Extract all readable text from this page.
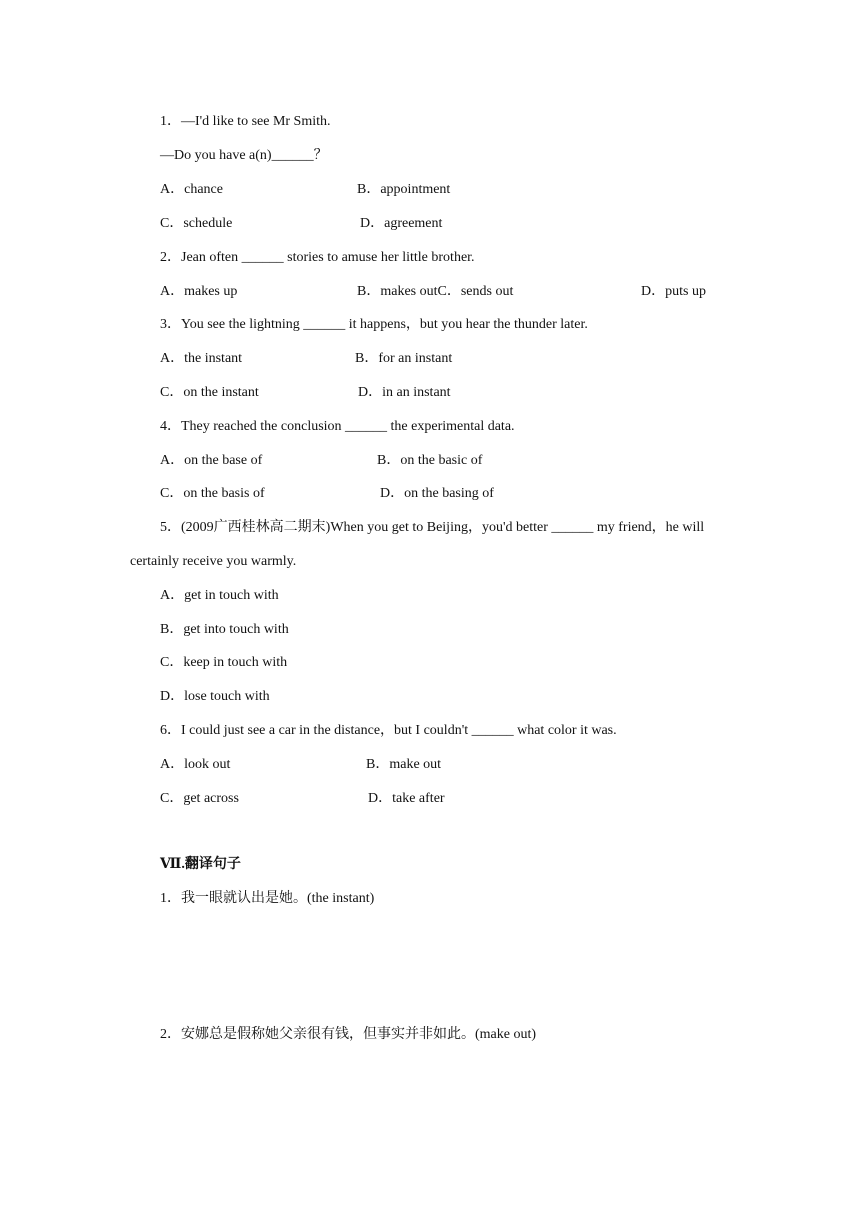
1．—I'd like to see Mr Smith.
—Do you have a(n)______？
A．chance	B．appointment
C．schedule	D．agreement
2．Jean often ______ stories to amuse her little brother.
A．makes up	B．makes outC．sends out	D．puts up
3．You see the lightning ______ it happens，but you hear the thunder later.
A．the instant	B．for an instant
C．on the instant	D．in an instant
4．They reached the conclusion ______ the experimental data.
A．on the base of	B．on the basic of
C．on the basis of	D．on the basing of
5．(2009广西桂林高二期末)When you get to Beijing，you'd better ______ my friend，he will
certainly receive you warmly.
A．get in touch with
B．get into touch with
C．keep in touch with
D．lose touch with
6．I could just see a car in the distance，but I couldn't ______ what color it was.
A．look out	B．make out
C．get across	D．take after
Ⅶ.翻译句子
1．我一眼就认出是她。(the instant)
2．安娜总是假称她父亲很有钱，但事实并非如此。(make out)
